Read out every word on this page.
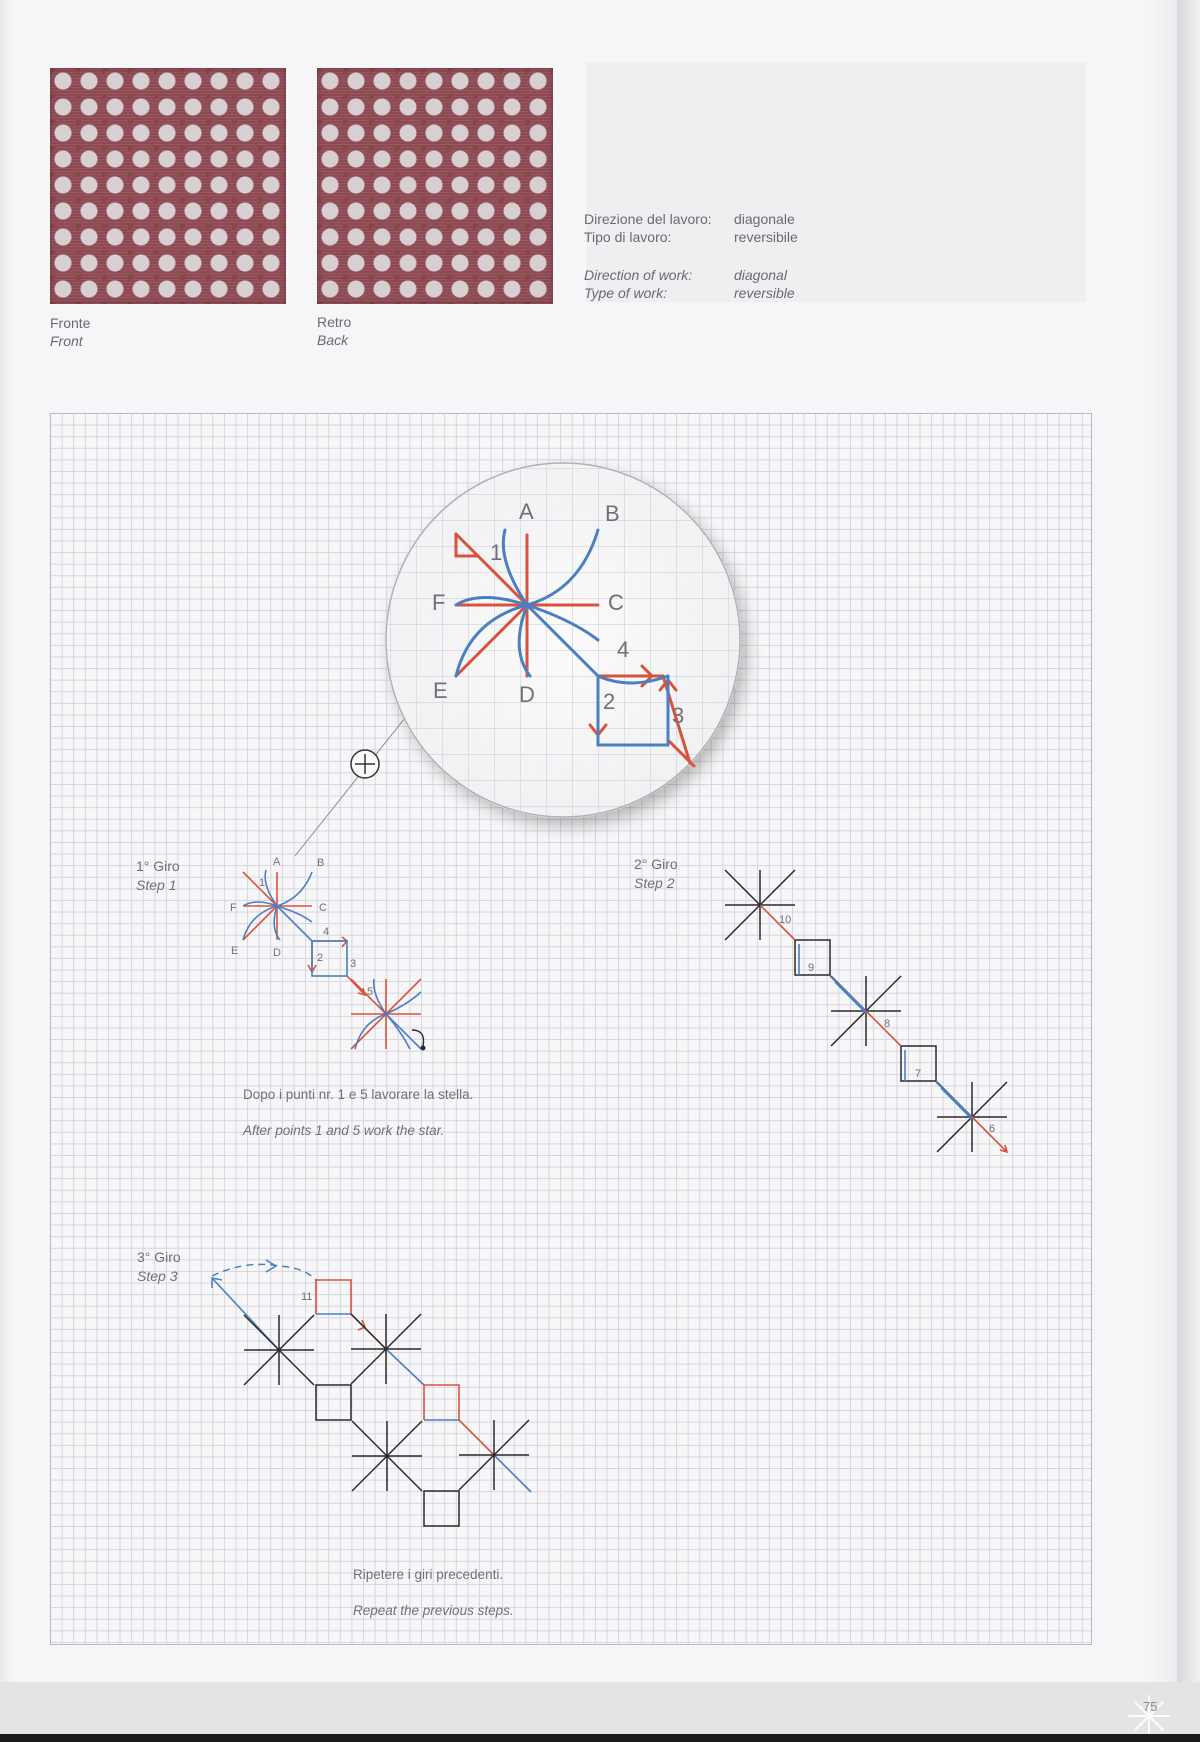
Fronte
Front
Retro
Back
Direzione del lavoro:
Tipo di lavoro:
diagonale
reversibile
Direction of work:
Type of work:
diagonal
reversible
A	B
C
D
E
F
1
2
3
4
1° Giro
Step 1
A	B
C
D
E
F
1
2 3
4
5
Dopo i punti nr. 1 e 5 lavorare la stella.
After points 1 and 5 work the star.
2° Giro
Step 2
10
9
8
7
6
3° Giro
Step 3
11
Ripetere i giri precedenti.
Repeat the previous steps.
75
